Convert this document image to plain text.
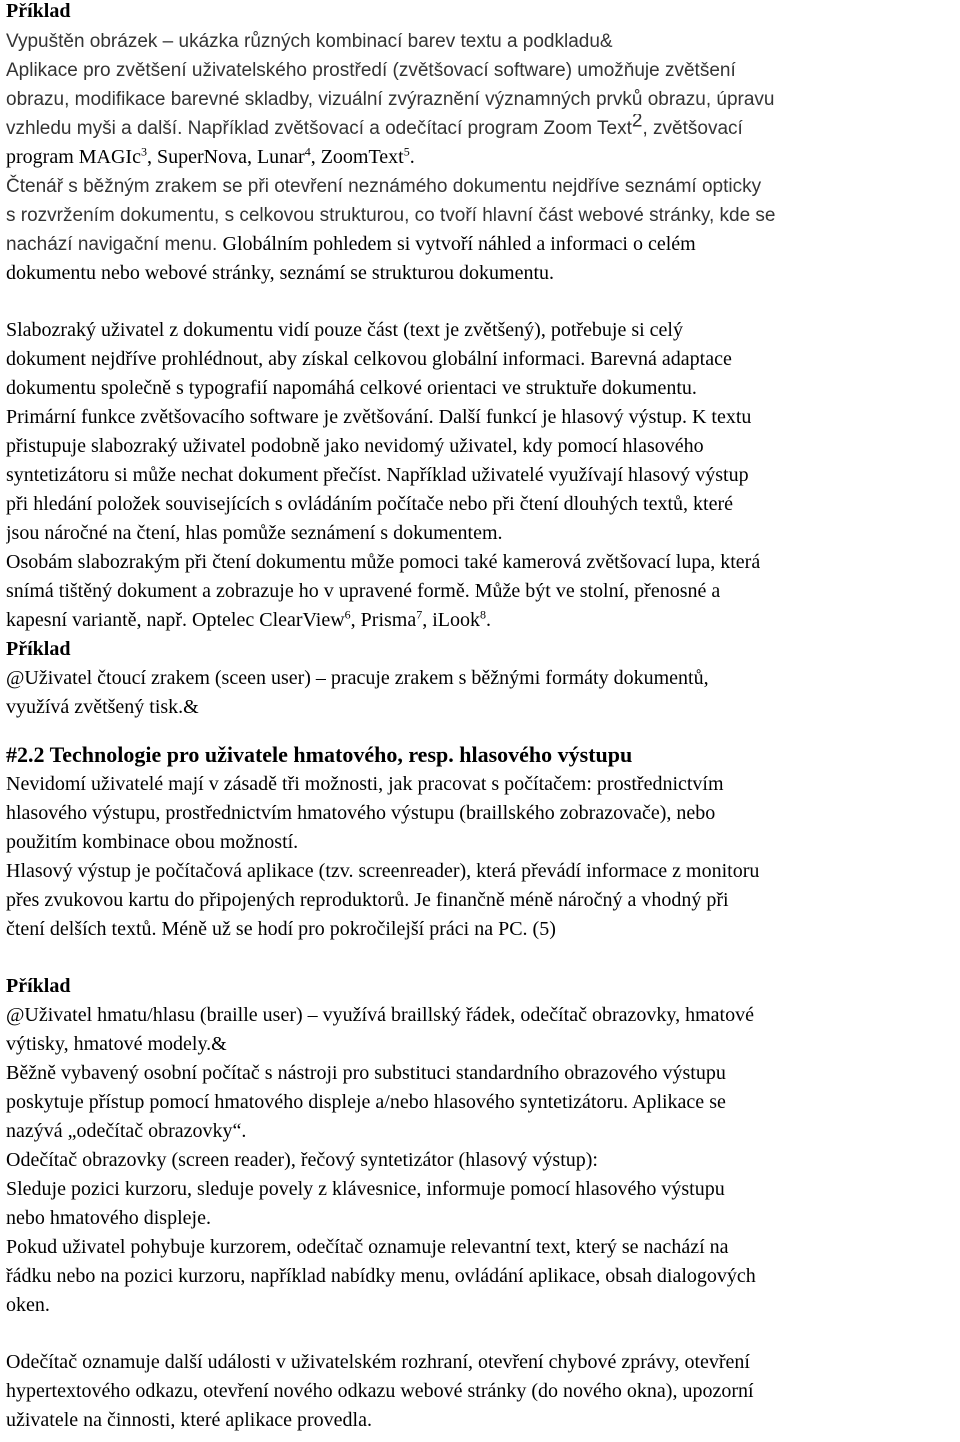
Příklad

Vypuštěn obrázek – ukázka různých kombinací barev textu a podkladu&

Aplikace pro zvětšení uživatelského prostředí (zvětšovací software) umožňuje zvětšení

obrazu, modifikace barevné skladby, vizuální zvýraznění významných prvků obrazu, úpravu

vzhledu myši a další. Například zvětšovací a odečítací program Zoom Text$^2$, zvětšovací

program MAGIc$^3$, SuperNova, Lunar$^4$, ZoomText$^5$.

Čtenář s běžným zrakem se při otevření neznámého dokumentu nejdříve seznámí opticky

s rozvržením dokumentu, s celkovou strukturou, co tvoří hlavní část webové stránky, kde se

nachází navigační menu. Globálním pohledem si vytvoří náhled a informaci o celém

dokumentu nebo webové stránky, seznámí se strukturou dokumentu.

Slabozraký uživatel z dokumentu vidí pouze část (text je zvětšený), potřebuje si celý

dokument nejdříve prohlédnout, aby získal celkovou globální informaci. Barevná adaptace

dokumentu společně s typografií napomáhá celkové orientaci ve struktuře dokumentu.

Primární funkce zvětšovacího software je zvětšování. Další funkcí je hlasový výstup. K textu

přistupuje slabozraký uživatel podobně jako nevidomý uživatel, kdy pomocí hlasového

syntetizátoru si může nechat dokument přečíst. Například uživatelé využívají hlasový výstup

při hledání položek souvisejících s ovládáním počítače nebo při čtení dlouhých textů, které

jsou náročné na čtení, hlas pomůže seznámení s dokumentem.

Osobám slabozrakým při čtení dokumentu může pomoci také kamerová zvětšovací lupa, která

snímá tištěný dokument a zobrazuje ho v upravené formě. Může být ve stolní, přenosné a

kapesní variantě, např. Optelec ClearView$^6$, Prisma$^7$, iLook$^8$.

Příklad

@Uživatel čtoucí zrakem (sceen user) – pracuje zrakem s běžnými formáty dokumentů,

využívá zvětšený tisk.&

#2.2 Technologie pro uživatele hmatového, resp. hlasového výstupu

Nevidomí uživatelé mají v zásadě tři možnosti, jak pracovat s počítačem: prostřednictvím

hlasového výstupu, prostřednictvím hmatového výstupu (braillského zobrazovače), nebo

použitím kombinace obou možností.

Hlasový výstup je počítačová aplikace (tzv. screenreader), která převádí informace z monitoru

přes zvukovou kartu do připojených reproduktorů. Je finančně méně náročný a vhodný při

čtení delších textů. Méně už se hodí pro pokročilejší práci na PC. (5)

Příklad

@Uživatel hmatu/hlasu (braille user) – využívá braillský řádek, odečítač obrazovky, hmatové

výtisky, hmatové modely.&

Běžně vybavený osobní počítač s nástroji pro substituci standardního obrazového výstupu

poskytuje přístup pomocí hmatového displeje a/nebo hlasového syntetizátoru. Aplikace se

nazývá „odečítač obrazovky“.

Odečítač obrazovky (screen reader), řečový syntetizátor (hlasový výstup):

Sleduje pozici kurzoru, sleduje povely z klávesnice, informuje pomocí hlasového výstupu

nebo hmatového displeje.

Pokud uživatel pohybuje kurzorem, odečítač oznamuje relevantní text, který se nachází na

řádku nebo na pozici kurzoru, například nabídky menu, ovládání aplikace, obsah dialogových

oken.

Odečítač oznamuje další události v uživatelském rozhraní, otevření chybové zprávy, otevření

hypertextového odkazu, otevření nového odkazu webové stránky (do nového okna), upozorní

uživatele na činnosti, které aplikace provedla.
